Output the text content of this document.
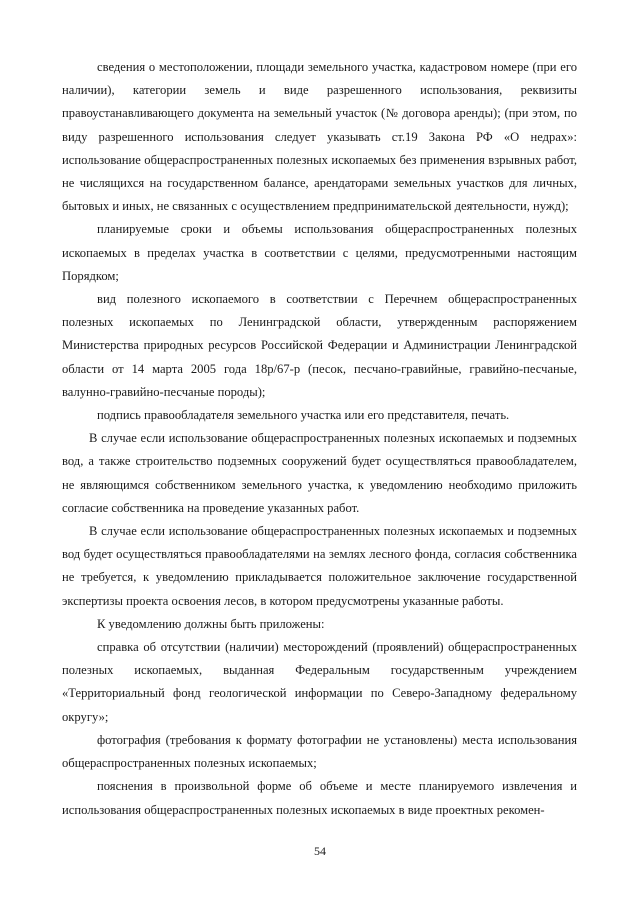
сведения о местоположении, площади земельного участка, кадастровом номере (при его наличии), категории земель и виде разрешенного использования, реквизиты правоустанавливающего документа на земельный участок (№ договора аренды); (при этом, по виду разрешенного использования следует указывать ст.19 Закона РФ «О недрах»: использование общераспространенных полезных ископаемых без применения взрывных работ, не числящихся на государственном балансе, арендаторами земельных участков для личных, бытовых и иных, не связанных с осуществлением предпринимательской деятельности, нужд);

планируемые сроки и объемы использования общераспространенных полезных ископаемых в пределах участка в соответствии с целями, предусмотренными настоящим Порядком;

вид полезного ископаемого в соответствии с Перечнем общераспространенных полезных ископаемых по Ленинградской области, утвержденным распоряжением Министерства природных ресурсов Российской Федерации и Администрации Ленинградской области от 14 марта 2005 года 18р/67-р (песок, песчано-гравийные, гравийно-песчаные, валунно-гравийно-песчаные породы);

подпись правообладателя земельного участка или его представителя, печать.

В случае если использование общераспространенных полезных ископаемых и подземных вод, а также строительство подземных сооружений будет осуществляться правообладателем, не являющимся собственником земельного участка, к уведомлению необходимо приложить согласие собственника на проведение указанных работ.

В случае если использование общераспространенных полезных ископаемых и подземных вод будет осуществляться правообладателями на землях лесного фонда, согласия собственника не требуется, к уведомлению прикладывается положительное заключение государственной экспертизы проекта освоения лесов, в котором предусмотрены указанные работы.

К уведомлению должны быть приложены:

справка об отсутствии (наличии) месторождений (проявлений) общераспространенных полезных ископаемых, выданная Федеральным государственным учреждением «Территориальный фонд геологической информации по Северо-Западному федеральному округу»;

фотография (требования к формату фотографии не установлены) места использования общераспространенных полезных ископаемых;

пояснения в произвольной форме об объеме и месте планируемого извлечения и использования общераспространенных полезных ископаемых в виде проектных рекомен-

54
